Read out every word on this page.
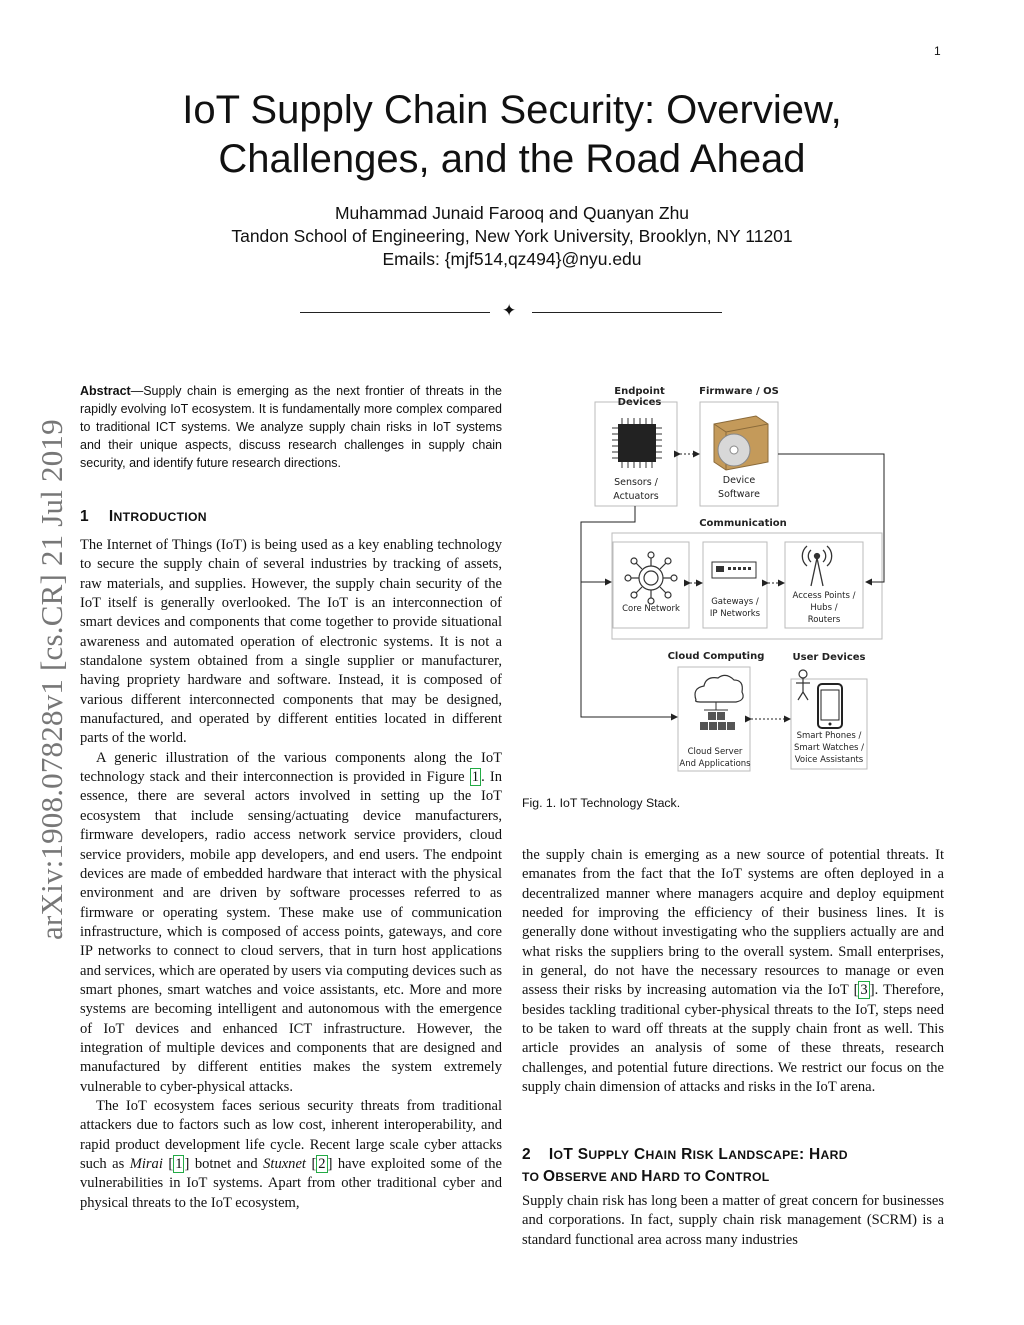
1
IoT Supply Chain Security: Overview,
Challenges, and the Road Ahead
Muhammad Junaid Farooq and Quanyan Zhu
Tandon School of Engineering, New York University, Brooklyn, NY 11201
Emails: {mjf514,qz494}@nyu.edu
✦
arXiv:1908.07828v1 [cs.CR] 21 Jul 2019
Abstract—Supply chain is emerging as the next frontier of threats in the rapidly evolving IoT ecosystem. It is fundamentally more complex compared to traditional ICT systems. We analyze supply chain risks in IoT systems and their unique aspects, discuss research challenges in supply chain security, and identify future research directions.
1 INTRODUCTION

The Internet of Things (IoT) is being used as a key enabling technology to secure the supply chain of several industries by tracking of assets, raw materials, and supplies. However, the supply chain security of the IoT itself is generally overlooked. The IoT is an interconnection of smart devices and components that come together to provide situational awareness and automated operation of electronic systems. It is not a standalone system obtained from a single supplier or manufacturer, having propriety hardware and software. Instead, it is composed of various different interconnected components that may be designed, manufactured, and operated by different entities located in different parts of the world.

A generic illustration of the various components along the IoT technology stack and their interconnection is provided in Figure 1 . In essence, there are several actors involved in setting up the IoT ecosystem that include sensing/actuating device manufacturers, firmware developers, radio access network service providers, cloud service providers, mobile app developers, and end users. The endpoint devices are made of embedded hardware that interact with the physical environment and are driven by software processes referred to as firmware or operating system. These make use of communication infrastructure, which is composed of access points, gateways, and core IP networks to connect to cloud servers, that in turn host applications and services, which are operated by users via computing devices such as smart phones, smart watches and voice assistants, etc. More and more systems are becoming intelligent and autonomous with the emergence of IoT devices and enhanced ICT infrastructure. However, the integration of multiple devices and components that are designed and manufactured by different entities makes the system extremely vulnerable to cyber-physical attacks.

The IoT ecosystem faces serious security threats from traditional attackers due to factors such as low cost, inherent interoperability, and rapid product development life cycle. Recent large scale cyber attacks such as Mirai [ 1 ] botnet and Stuxnet [ 2 ] have exploited some of the vulnerabilities in IoT systems. Apart from other traditional cyber and physical threats to the IoT ecosystem,

Endpoint Devices
Firmware / OS
Sensors /
Actuators
Device
Software
Communication
Core Network
Gateways /
IP Networks
Access Points /
Hubs /
Routers
Cloud Computing	User Devices
Cloud Server
And Applications
Smart Phones /
Smart Watches /
Voice Assistants
Fig. 1. IoT Technology Stack.

the supply chain is emerging as a new source of potential threats. It emanates from the fact that the IoT systems are often deployed in a decentralized manner where managers acquire and deploy equipment needed for improving the efficiency of their business lines. It is generally done without investigating who the suppliers actually are and what risks the suppliers bring to the overall system. Small enterprises, in general, do not have the necessary resources to manage or even assess their risks by increasing automation via the IoT [ 3 ]. Therefore, besides tackling traditional cyber-physical threats to the IoT, steps need to be taken to ward off threats at the supply chain front as well. This article provides an analysis of some of these threats, research challenges, and potential future directions. We restrict our focus on the supply chain dimension of attacks and risks in the IoT arena.

2 IOT SUPPLY CHAIN RISK LANDSCAPE: HARD
TO OBSERVE AND HARD TO CONTROL
Supply chain risk has long been a matter of great concern for businesses and corporations. In fact, supply chain risk management (SCRM) is a standard functional area across many industries
